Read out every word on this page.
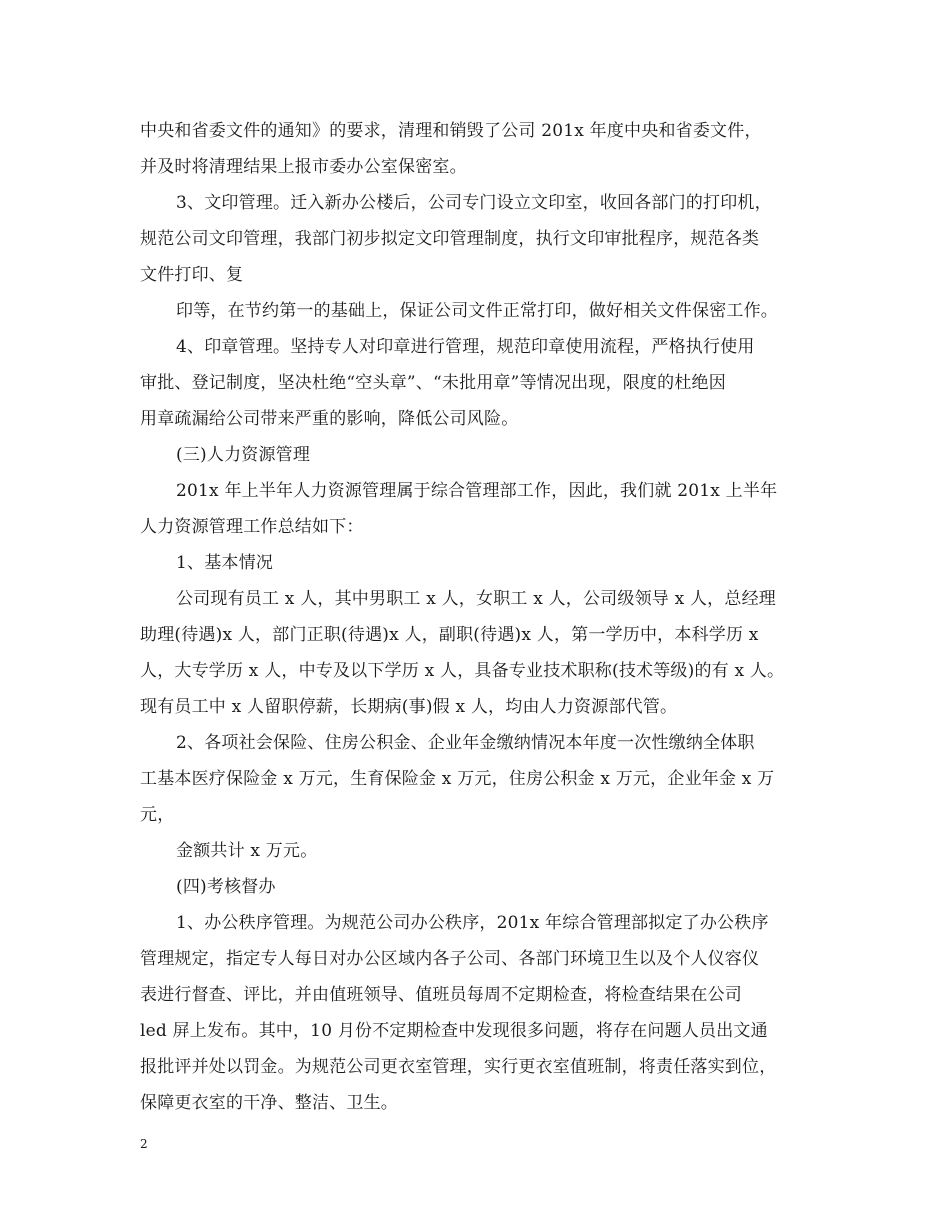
中央和省委文件的通知》的要求，清理和销毁了公司 201x 年度中央和省委文件，
并及时将清理结果上报市委办公室保密室。
3、文印管理。迁入新办公楼后，公司专门设立文印室，收回各部门的打印机，
规范公司文印管理，我部门初步拟定文印管理制度，执行文印审批程序，规范各类
文件打印、复
印等，在节约第一的基础上，保证公司文件正常打印，做好相关文件保密工作。
4、印章管理。坚持专人对印章进行管理，规范印章使用流程，严格执行使用
审批、登记制度，坚决杜绝“空头章”、“未批用章”等情况出现，限度的杜绝因
用章疏漏给公司带来严重的影响，降低公司风险。
(三)人力资源管理
201x 年上半年人力资源管理属于综合管理部工作，因此，我们就 201x 上半年
人力资源管理工作总结如下：
1、基本情况
公司现有员工 x 人，其中男职工 x 人，女职工 x 人，公司级领导 x 人，总经理
助理(待遇)x 人，部门正职(待遇)x 人，副职(待遇)x 人，第一学历中，本科学历 x
人，大专学历 x 人，中专及以下学历 x 人，具备专业技术职称(技术等级)的有 x 人。
现有员工中 x 人留职停薪，长期病(事)假 x 人，均由人力资源部代管。
2、各项社会保险、住房公积金、企业年金缴纳情况本年度一次性缴纳全体职
工基本医疗保险金 x 万元，生育保险金 x 万元，住房公积金 x 万元，企业年金 x 万
元，
金额共计 x 万元。
(四)考核督办
1、办公秩序管理。为规范公司办公秩序，201x 年综合管理部拟定了办公秩序
管理规定，指定专人每日对办公区域内各子公司、各部门环境卫生以及个人仪容仪
表进行督查、评比，并由值班领导、值班员每周不定期检查，将检查结果在公司
led 屏上发布。其中，10 月份不定期检查中发现很多问题，将存在问题人员出文通
报批评并处以罚金。为规范公司更衣室管理，实行更衣室值班制，将责任落实到位，
保障更衣室的干净、整洁、卫生。
2
